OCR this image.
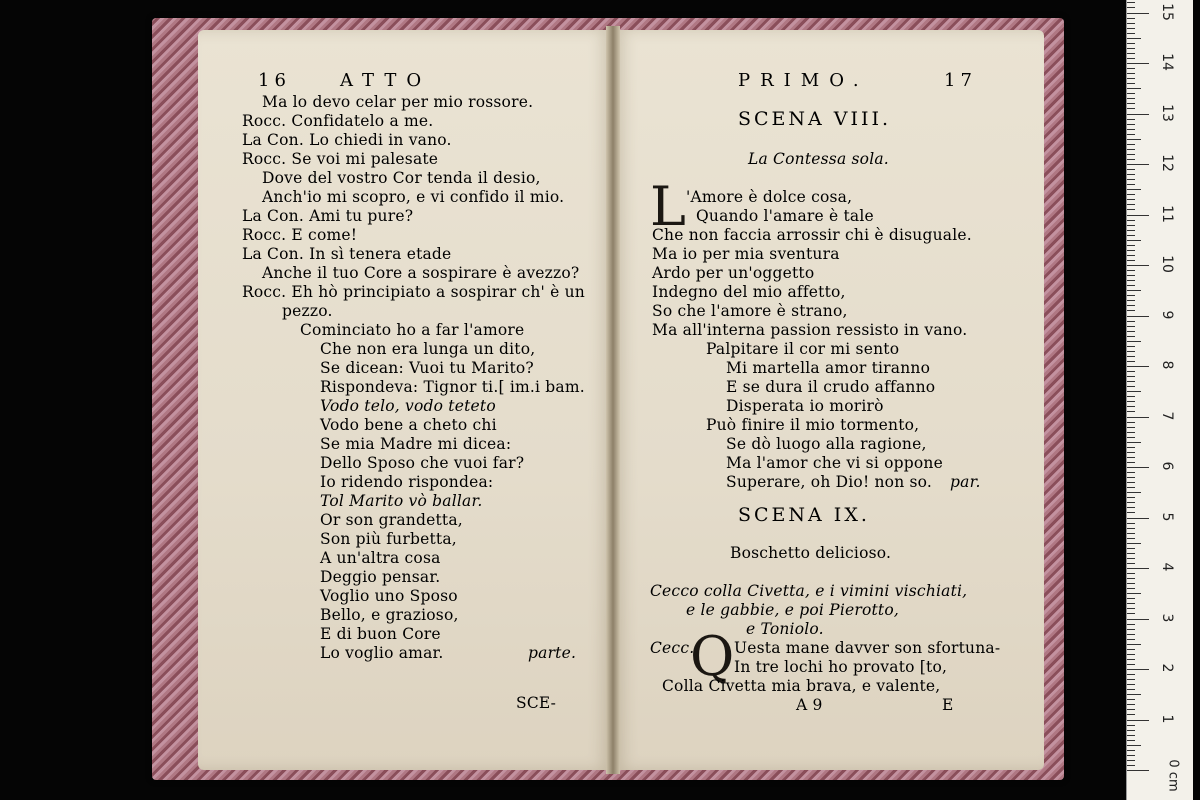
16	ATTO
Ma lo devo celar per mio rossore.
Rocc. Confidatelo a me.
La Con. Lo chiedi in vano.
Rocc. Se voi mi palesate
Dove del vostro Cor tenda il desio,
Anch'io mi scopro, e vi confido il mio.
La Con. Ami tu pure?
Rocc. E come!
La Con. In sì tenera etade
Anche il tuo Core a sospirare è avezzo?
Rocc. Eh hò principiato a sospirar ch' è un
pezzo.
Cominciato ho a far l'amore
Che non era lunga un dito,
Se dicean: Vuoi tu Marito?
Rispondeva: Tignor ti.[ im.i bam.
Vodo telo, vodo teteto
Vodo bene a cheto chi
Se mia Madre mi dicea:
Dello Sposo che vuoi far?
Io ridendo rispondea:
Tol Marito vò ballar.
Or son grandetta,
Son più furbetta,
A un'altra cosa
Deggio pensar.
Voglio uno Sposo
Bello, e grazioso,
E di buon Core
Lo voglio amar.	parte.
SCE-
PRIMO.	17
SCENA VIII.
La Contessa sola.
L 'Amore è dolce cosa,
Quando l'amare è tale
Che non faccia arrossir chi è disuguale.
Ma io per mia sventura
Ardo per un'oggetto
Indegno del mio affetto,
So che l'amore è strano,
Ma all'interna passion ressisto in vano.
Palpitare il cor mi sento
Mi martella amor tiranno
E se dura il crudo affanno
Disperata io morirò
Può finire il mio tormento,
Se dò luogo alla ragione,
Ma l'amor che vi si oppone
Superare, oh Dio! non so. par.
SCENA IX.
Boschetto delicioso.
Cecco colla Civetta, e i vimini vischiati,
e le gabbie, e poi Pierotto,
e Toniolo.
Cecc.
Q Uesta mane davver son sfortuna-
In tre lochi ho provato [to,
Colla Civetta mia brava, e valente,
A 9	E
0 cm
1
2
3
4
5
6
7
8
9
10
11
12
13
14
15
